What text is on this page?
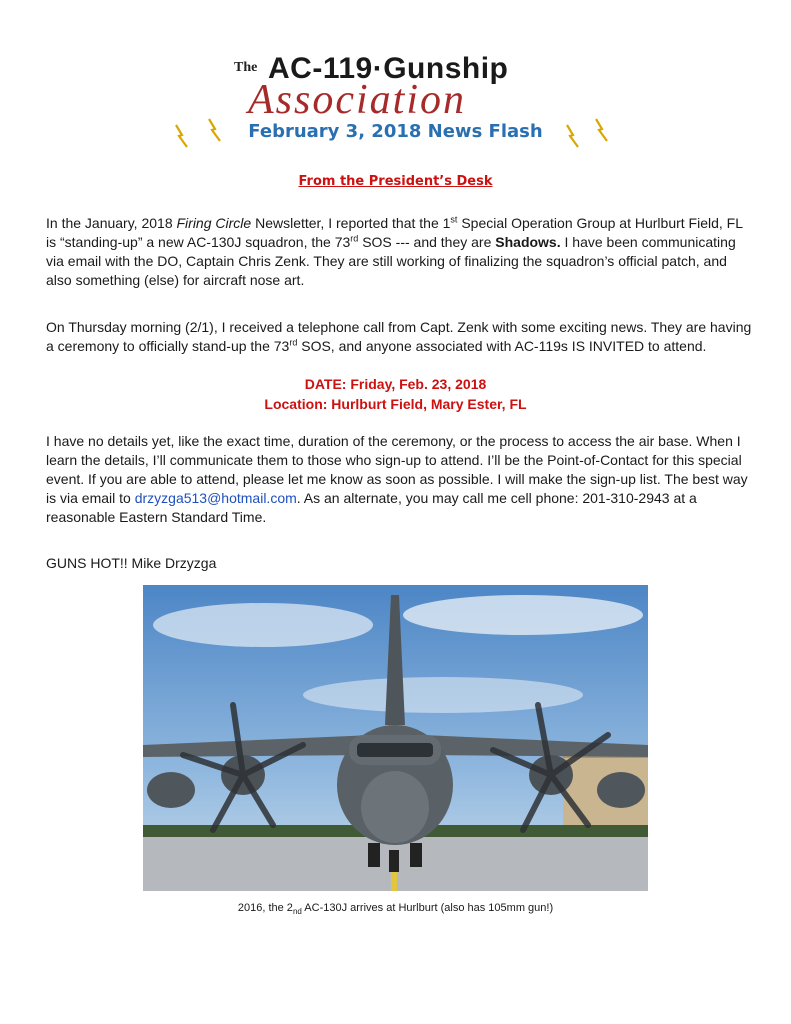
Association
The AC-119·Gunship
February 3, 2018 News Flash
From the President’s Desk
In the January, 2018 Firing Circle Newsletter, I reported that the 1st Special Operation Group at Hurlburt Field, FL is “standing-up” a new AC-130J squadron, the 73rd SOS --- and they are Shadows. I have been communicating via email with the DO, Captain Chris Zenk. They are still working of finalizing the squadron’s official patch, and also something (else) for aircraft nose art.
On Thursday morning (2/1), I received a telephone call from Capt. Zenk with some exciting news. They are having a ceremony to officially stand-up the 73rd SOS, and anyone associated with AC-119s IS INVITED to attend.
DATE: Friday, Feb. 23, 2018
Location: Hurlburt Field, Mary Ester, FL
I have no details yet, like the exact time, duration of the ceremony, or the process to access the air base. When I learn the details, I’ll communicate them to those who sign-up to attend. I’ll be the Point-of-Contact for this special event. If you are able to attend, please let me know as soon as possible. I will make the sign-up list. The best way is via email to drzyzga513@hotmail.com. As an alternate, you may call me cell phone: 201-310-2943 at a reasonable Eastern Standard Time.
GUNS HOT!! Mike Drzyzga
2016, the $2_{nd}$ AC-130J arrives at Hurlburt (also has 105mm gun!)
